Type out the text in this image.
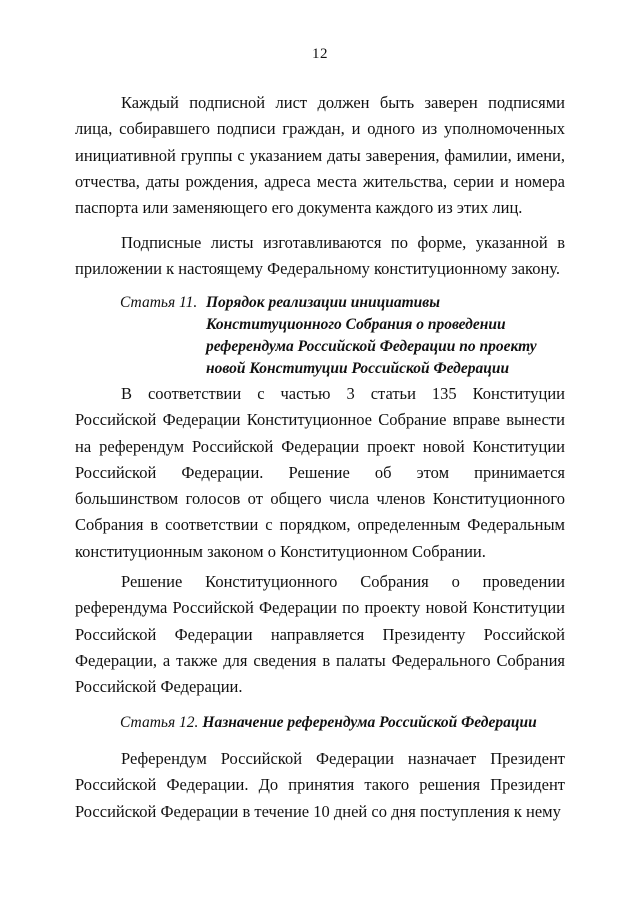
12

Каждый подписной лист должен быть заверен подписями лица, собиравшего подписи граждан, и одного из уполномоченных инициативной группы с указанием даты заверения, фамилии, имени, отчества, даты рождения, адреса места жительства, серии и номера паспорта или заменяющего его документа каждого из этих лиц.

Подписные листы изготавливаются по форме, указанной в приложении к настоящему Федеральному конституционному закону.

Статья 11. Порядок реализации инициативы Конституционного Собрания о проведении референдума Российской Федерации по проекту новой Конституции Российской Федерации

В соответствии с частью 3 статьи 135 Конституции Российской Федерации Конституционное Собрание вправе вынести на референдум Российской Федерации проект новой Конституции Российской Федерации. Решение об этом принимается большинством голосов от общего числа членов Конституционного Собрания в соответствии с порядком, определенным Федеральным конституционным законом о Конституционном Собрании.

Решение Конституционного Собрания о проведении референдума Российской Федерации по проекту новой Конституции Российской Федерации направляется Президенту Российской Федерации, а также для сведения в палаты Федерального Собрания Российской Федерации.

Статья 12. Назначение референдума Российской Федерации

Референдум Российской Федерации назначает Президент Российской Федерации. До принятия такого решения Президент Российской Федерации в течение 10 дней со дня поступления к нему
